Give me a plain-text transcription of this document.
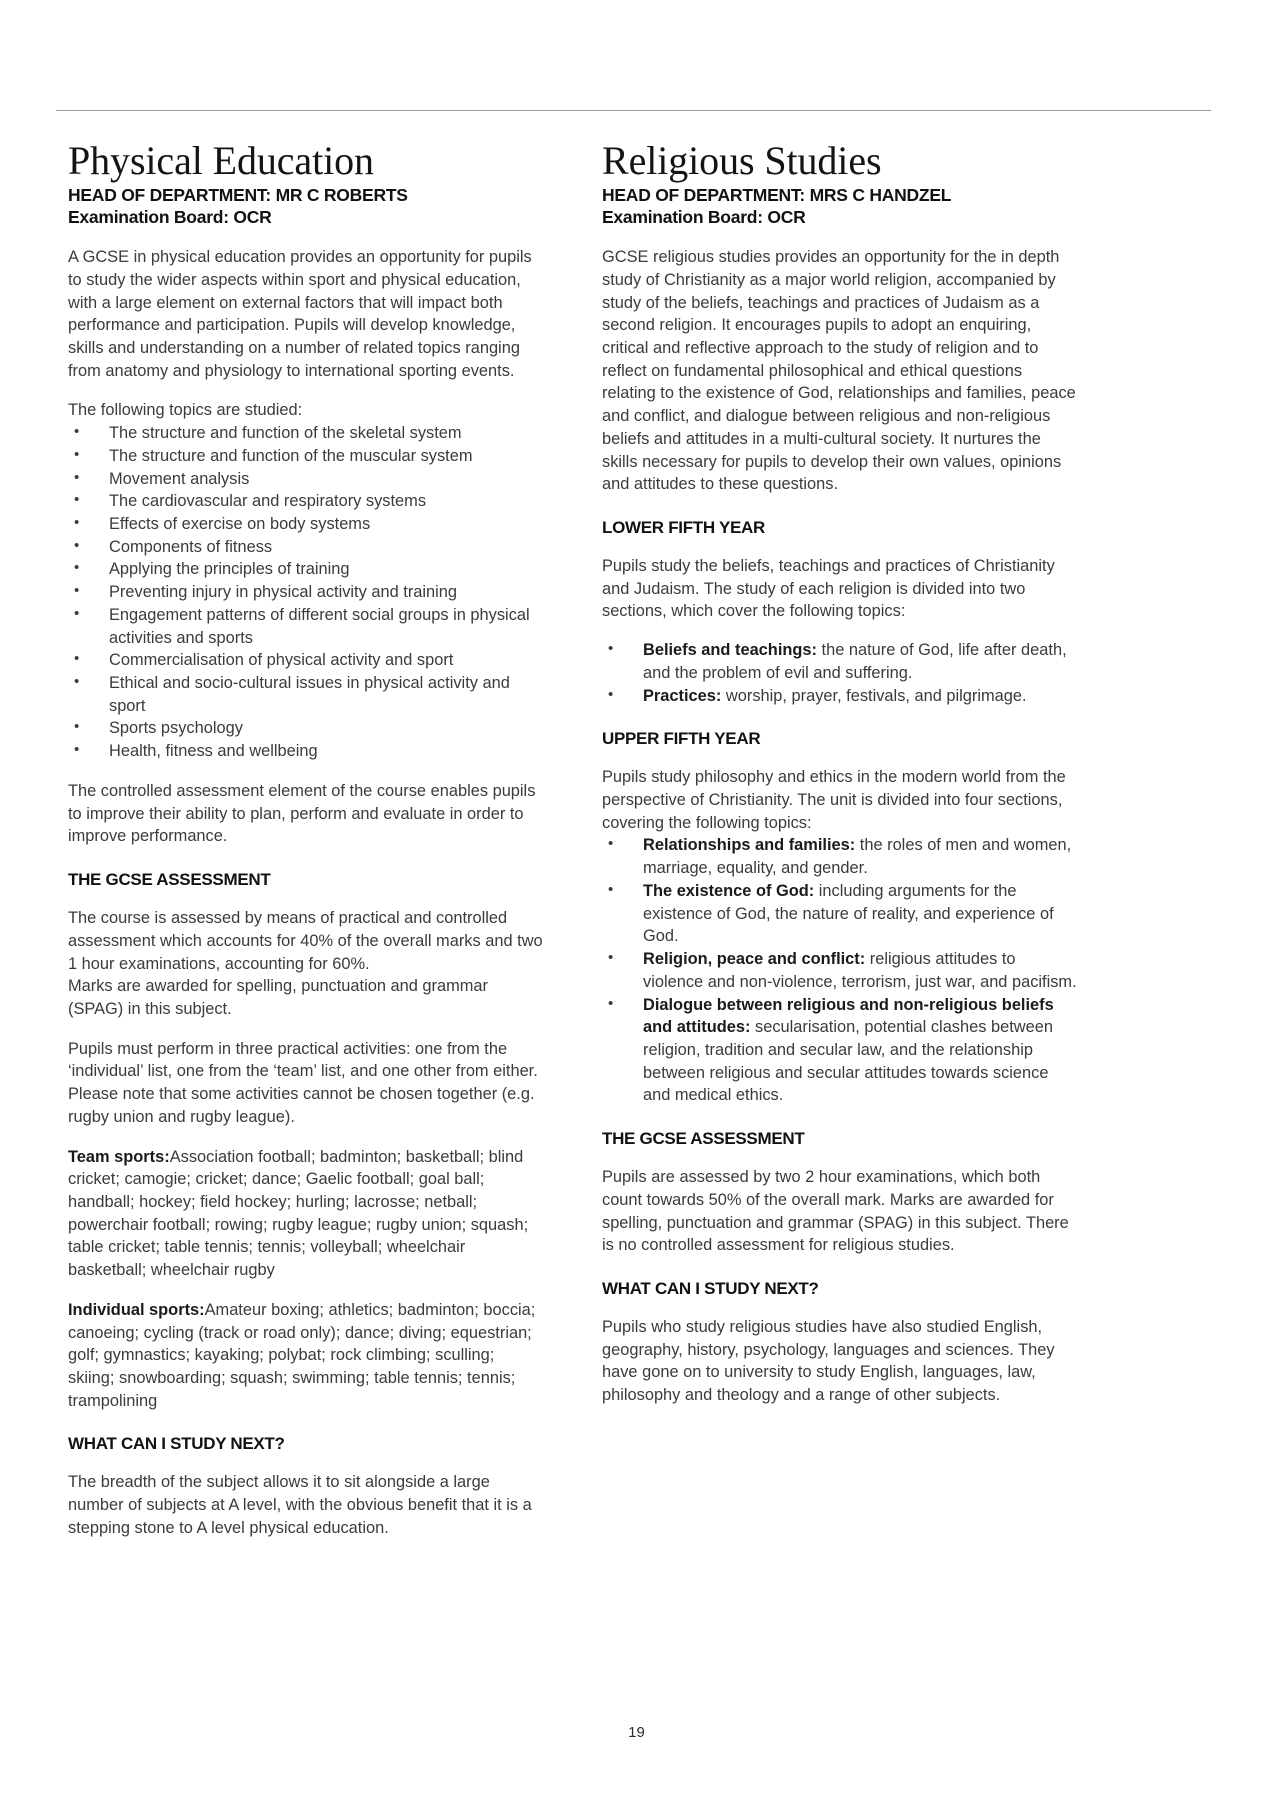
Physical Education

HEAD OF DEPARTMENT: MR C ROBERTS

Examination Board: OCR

A GCSE in physical education provides an opportunity for pupils to study the wider aspects within sport and physical education, with a large element on external factors that will impact both performance and participation. Pupils will develop knowledge, skills and understanding on a number of related topics ranging from anatomy and physiology to international sporting events.

The following topics are studied:

• The structure and function of the skeletal system
• The structure and function of the muscular system
• Movement analysis
• The cardiovascular and respiratory systems
• Effects of exercise on body systems
• Components of fitness
• Applying the principles of training
• Preventing injury in physical activity and training
• Engagement patterns of different social groups in physical activities and sports
• Commercialisation of physical activity and sport
• Ethical and socio-cultural issues in physical activity and sport
• Sports psychology
• Health, fitness and wellbeing

The controlled assessment element of the course enables pupils to improve their ability to plan, perform and evaluate in order to improve performance.

THE GCSE ASSESSMENT

The course is assessed by means of practical and controlled assessment which accounts for 40% of the overall marks and two 1 hour examinations, accounting for 60%.

Marks are awarded for spelling, punctuation and grammar (SPAG) in this subject.

Pupils must perform in three practical activities: one from the ‘individual’ list, one from the ‘team’ list, and one other from either. Please note that some activities cannot be chosen together (e.g. rugby union and rugby league).

Team sports:Association football; badminton; basketball; blind cricket; camogie; cricket; dance; Gaelic football; goal ball; handball; hockey; field hockey; hurling; lacrosse; netball; powerchair football; rowing; rugby league; rugby union; squash; table cricket; table tennis; tennis; volleyball; wheelchair basketball; wheelchair rugby

Individual sports:Amateur boxing; athletics; badminton; boccia; canoeing; cycling (track or road only); dance; diving; equestrian; golf; gymnastics; kayaking; polybat; rock climbing; sculling; skiing; snowboarding; squash; swimming; table tennis; tennis; trampolining

WHAT CAN I STUDY NEXT?

The breadth of the subject allows it to sit alongside a large number of subjects at A level, with the obvious benefit that it is a stepping stone to A level physical education.

Religious Studies

HEAD OF DEPARTMENT: MRS C HANDZEL

Examination Board: OCR

GCSE religious studies provides an opportunity for the in depth study of Christianity as a major world religion, accompanied by study of the beliefs, teachings and practices of Judaism as a second religion. It encourages pupils to adopt an enquiring, critical and reflective approach to the study of religion and to reflect on fundamental philosophical and ethical questions relating to the existence of God, relationships and families, peace and conflict, and dialogue between religious and non-religious beliefs and attitudes in a multi-cultural society. It nurtures the skills necessary for pupils to develop their own values, opinions and attitudes to these questions.

LOWER FIFTH YEAR

Pupils study the beliefs, teachings and practices of Christianity and Judaism. The study of each religion is divided into two sections, which cover the following topics:

• Beliefs and teachings: the nature of God, life after death, and the problem of evil and suffering.
• Practices: worship, prayer, festivals, and pilgrimage.

UPPER FIFTH YEAR

Pupils study philosophy and ethics in the modern world from the perspective of Christianity. The unit is divided into four sections, covering the following topics:

• Relationships and families: the roles of men and women, marriage, equality, and gender.
• The existence of God: including arguments for the existence of God, the nature of reality, and experience of God.
• Religion, peace and conflict: religious attitudes to violence and non-violence, terrorism, just war, and pacifism.
• Dialogue between religious and non-religious beliefs and attitudes: secularisation, potential clashes between religion, tradition and secular law, and the relationship between religious and secular attitudes towards science and medical ethics.

THE GCSE ASSESSMENT

Pupils are assessed by two 2 hour examinations, which both count towards 50% of the overall mark. Marks are awarded for spelling, punctuation and grammar (SPAG) in this subject. There is no controlled assessment for religious studies.

WHAT CAN I STUDY NEXT?

Pupils who study religious studies have also studied English, geography, history, psychology, languages and sciences. They have gone on to university to study English, languages, law, philosophy and theology and a range of other subjects.

19
